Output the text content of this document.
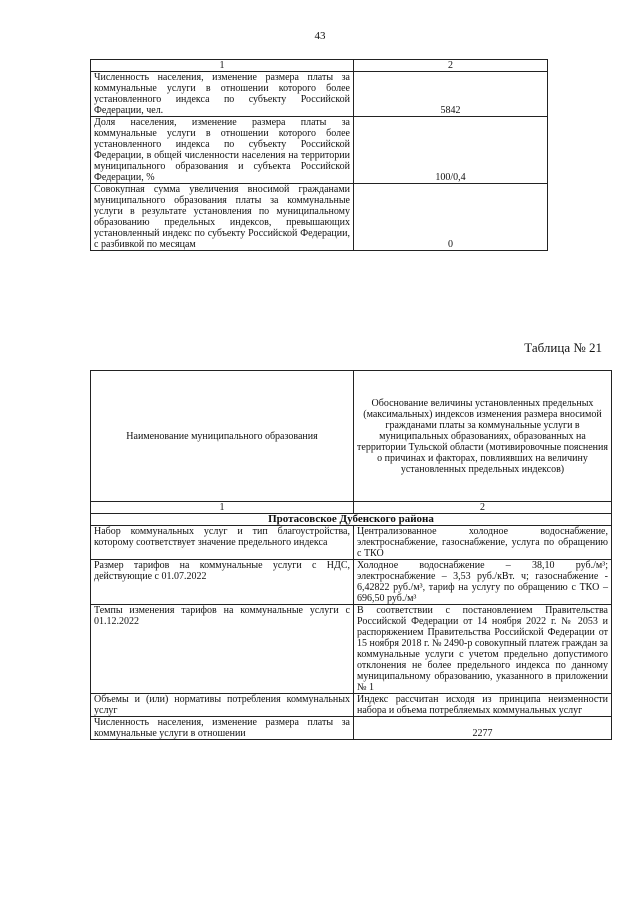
43
1	2
Численность населения, изменение размера платы за коммунальные услуги в отношении которого более установленного индекса по субъекту Российской Федерации, чел.	5842
Доля населения, изменение размера платы за коммунальные услуги в отношении которого более установленного индекса по субъекту Российской Федерации, в общей численности населения на территории муниципального образования и субъекта Российской Федерации, %	100/0,4
Совокупная сумма увеличения вносимой гражданами муниципального образования платы за коммунальные услуги в результате установления по муниципальному образованию предельных индексов, превышающих установленный индекс по субъекту Российской Федерации, с разбивкой по месяцам	0
Таблица № 21
Наименование муниципального образования	Обоснование величины установленных предельных (максимальных) индексов изменения размера вносимой гражданами платы за коммунальные услуги в муниципальных образованиях, образованных на территории Тульской области (мотивировочные пояснения о причинах и факторах, повлиявших на величину установленных предельных индексов)
1	2
Протасовское Дубенского района	
Набор коммунальных услуг и тип благоустройства, которому соответствует значение предельного индекса	Централизованное холодное водоснабжение, электроснабжение, газоснабжение, услуга по обращению с ТКО
Размер тарифов на коммунальные услуги с НДС, действующие с 01.07.2022	Холодное водоснабжение – 38,10 руб./м³; электроснабжение – 3,53 руб./кВт. ч; газоснабжение - 6,42822 руб./м³, тариф на услугу по обращению с ТКО – 696,50 руб./м³
Темпы изменения тарифов на коммунальные услуги с 01.12.2022	В соответствии с постановлением Правительства Российской Федерации от 14 ноября 2022 г. № 2053 и распоряжением Правительства Российской Федерации от 15 ноября 2018 г. № 2490-р совокупный платеж граждан за коммунальные услуги с учетом предельно допустимого отклонения не более предельного индекса по данному муниципальному образованию, указанного в приложении № 1
Объемы и (или) нормативы потребления коммунальных услуг	Индекс рассчитан исходя из принципа неизменности набора и объема потребляемых коммунальных услуг
Численность населения, изменение размера платы за коммунальные услуги в отношении	2277
